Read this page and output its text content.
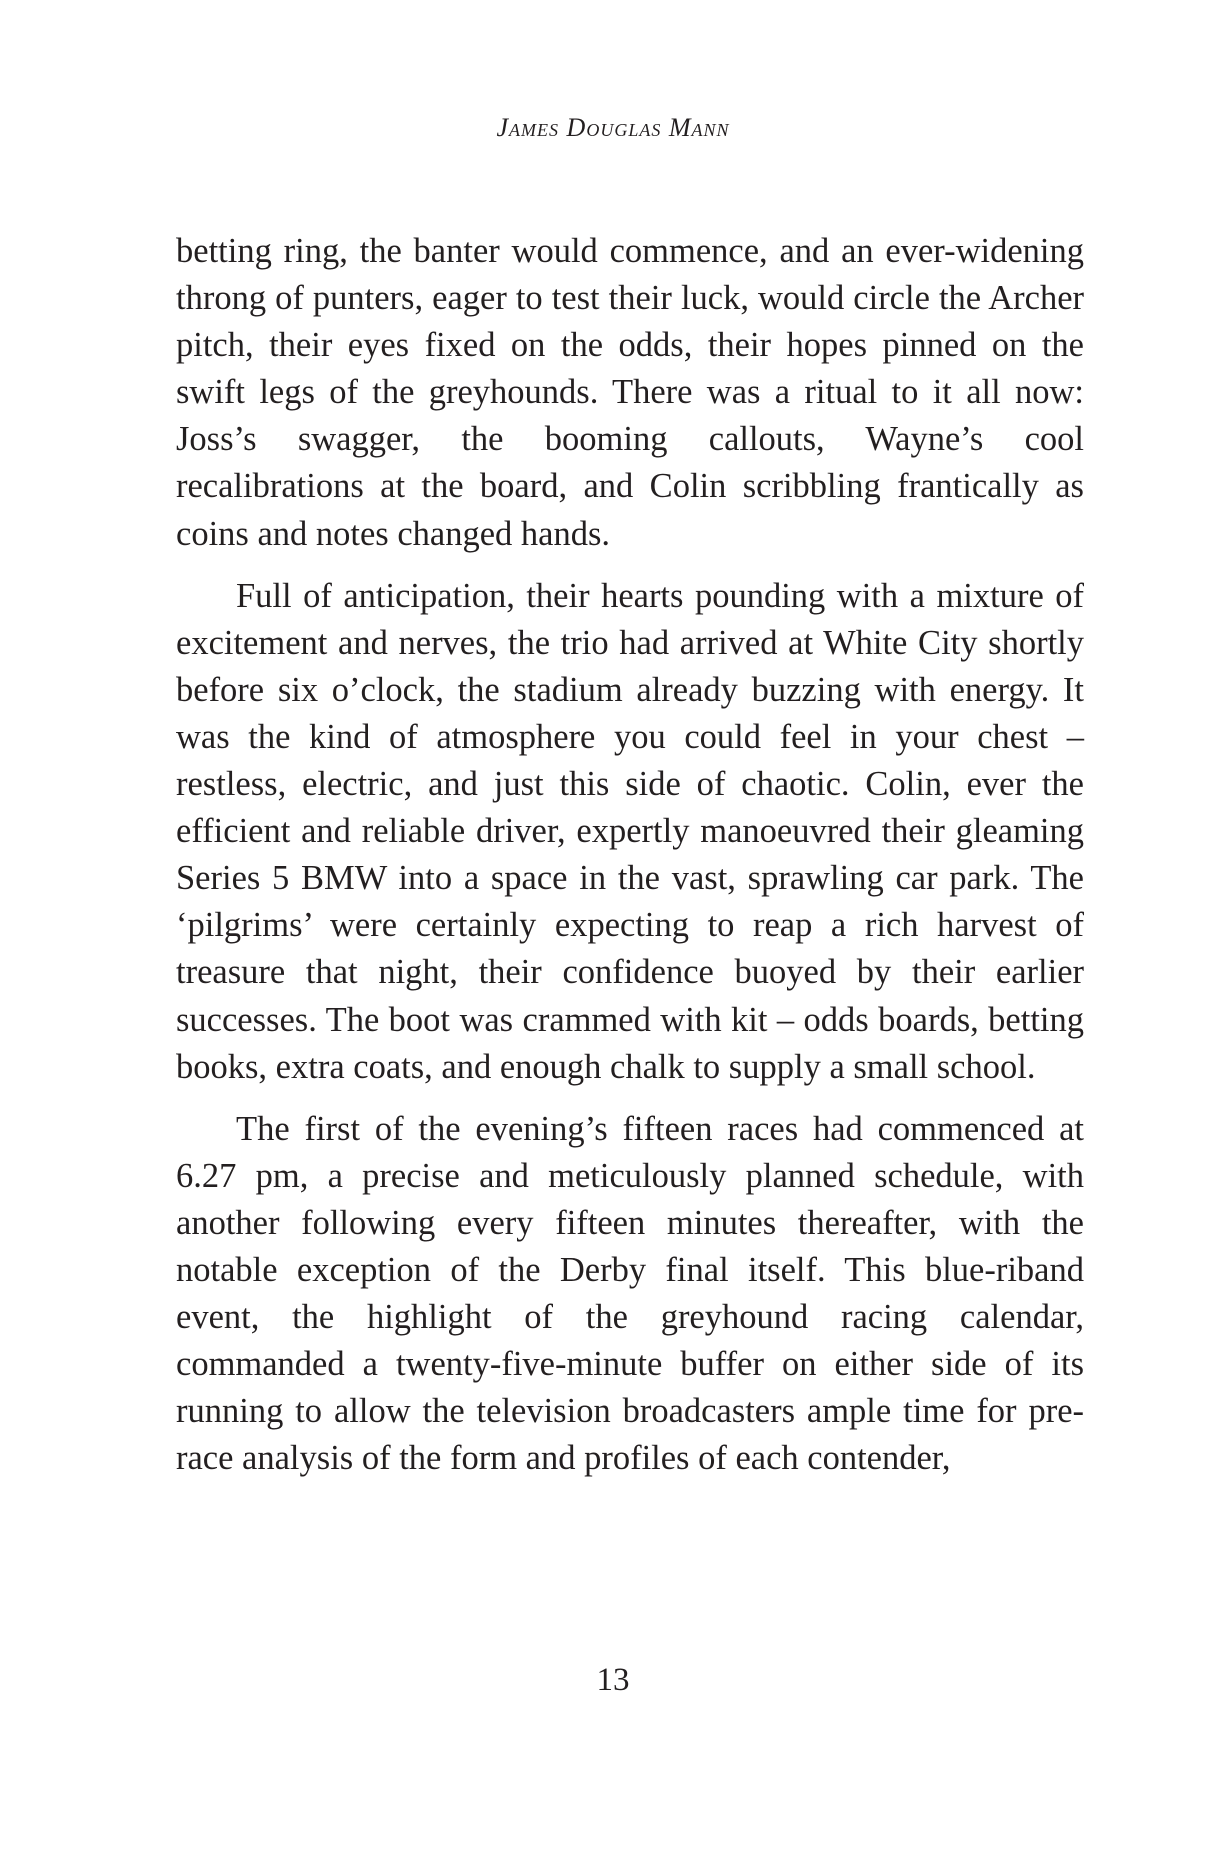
James Douglas Mann

betting ring, the banter would commence, and an ever-widening throng of punters, eager to test their luck, would circle the Archer pitch, their eyes fixed on the odds, their hopes pinned on the swift legs of the greyhounds. There was a ritual to it all now: Joss’s swagger, the booming callouts, Wayne’s cool recalibrations at the board, and Colin scribbling frantically as coins and notes changed hands.

Full of anticipation, their hearts pounding with a mixture of excitement and nerves, the trio had arrived at White City shortly before six o’clock, the stadium already buzzing with energy. It was the kind of atmosphere you could feel in your chest – restless, electric, and just this side of chaotic. Colin, ever the efficient and reliable driver, expertly manoeuvred their gleaming Series 5 BMW into a space in the vast, sprawling car park. The ‘pilgrims’ were certainly expecting to reap a rich harvest of treasure that night, their confidence buoyed by their earlier successes. The boot was crammed with kit – odds boards, betting books, extra coats, and enough chalk to supply a small school.

The first of the evening’s fifteen races had commenced at 6.27 pm, a precise and meticulously planned schedule, with another following every fifteen minutes thereafter, with the notable exception of the Derby final itself. This blue-riband event, the highlight of the greyhound racing calendar, commanded a twenty-five-minute buffer on either side of its running to allow the television broadcasters ample time for pre-race analysis of the form and profiles of each contender,

13
